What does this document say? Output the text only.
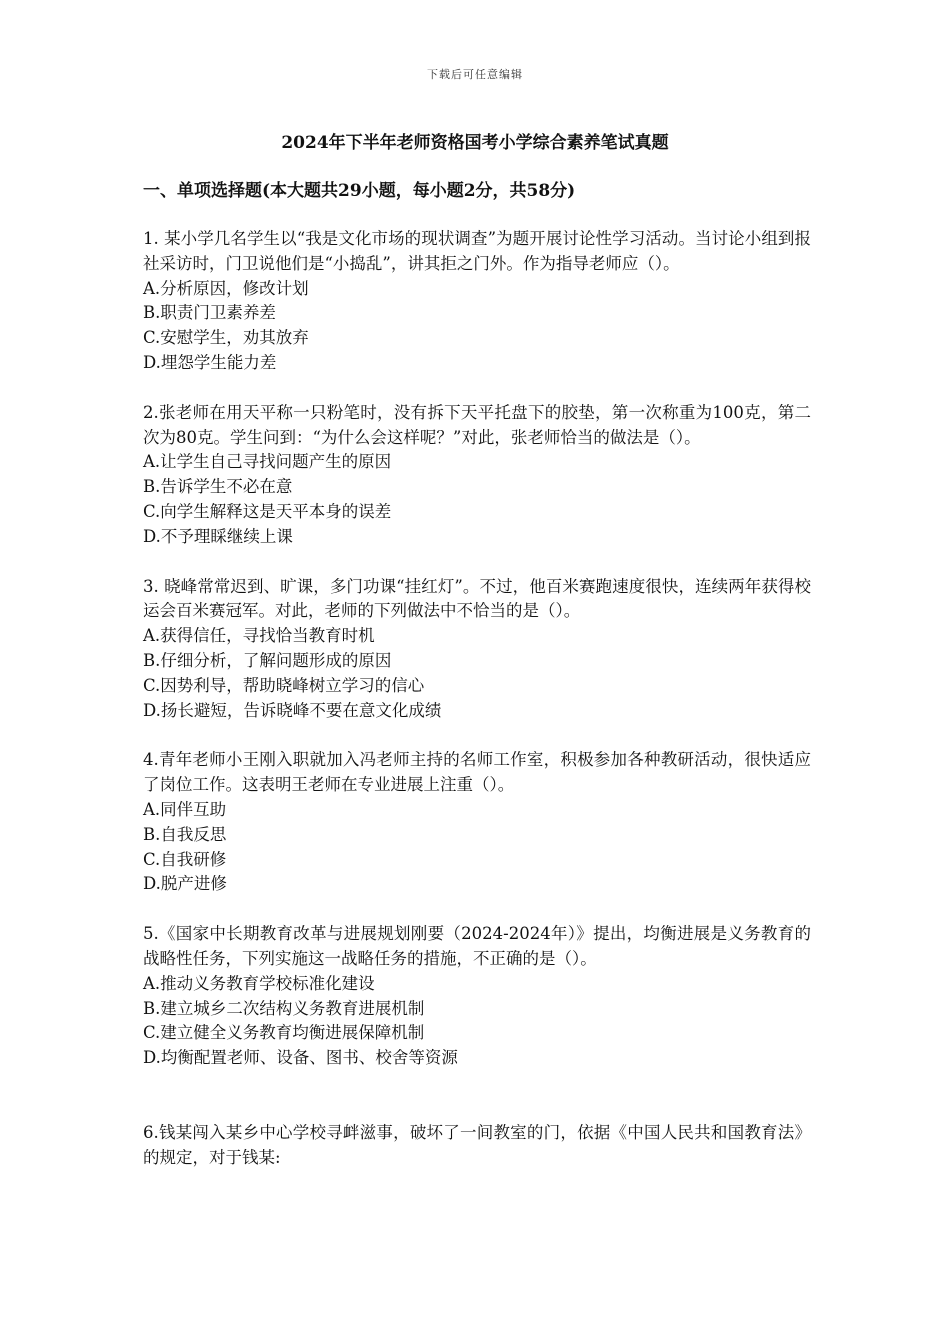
下载后可任意编辑
2024年下半年老师资格国考小学综合素养笔试真题
一、单项选择题(本大题共29小题，每小题2分，共58分)

1. 某小学几名学生以“我是文化市场的现状调查”为题开展讨论性学习活动。当讨论小组到报社采访时，门卫说他们是“小捣乱”，讲其拒之门外。作为指导老师应（）。

A.分析原因，修改计划

B.职责门卫素养差

C.安慰学生，劝其放弃

D.埋怨学生能力差

2.张老师在用天平称一只粉笔时，没有拆下天平托盘下的胶垫，第一次称重为100克，第二次为80克。学生问到：“为什么会这样呢？”对此，张老师恰当的做法是（）。

A.让学生自己寻找问题产生的原因

B.告诉学生不必在意

C.向学生解释这是天平本身的误差

D.不予理睬继续上课

3. 晓峰常常迟到、旷课，多门功课“挂红灯”。不过，他百米赛跑速度很快，连续两年获得校运会百米赛冠军。对此，老师的下列做法中不恰当的是（）。

A.获得信任，寻找恰当教育时机

B.仔细分析，了解问题形成的原因

C.因势利导，帮助晓峰树立学习的信心

D.扬长避短，告诉晓峰不要在意文化成绩

4.青年老师小王刚入职就加入冯老师主持的名师工作室，积极参加各种教研活动，很快适应了岗位工作。这表明王老师在专业进展上注重（）。

A.同伴互助

B.自我反思

C.自我研修

D.脱产进修

5.《国家中长期教育改革与进展规划刚要（2024-2024年）》提出，均衡进展是义务教育的战略性任务，下列实施这一战略任务的措施，不正确的是（）。

A.推动义务教育学校标准化建设

B.建立城乡二次结构义务教育进展机制

C.建立健全义务教育均衡进展保障机制

D.均衡配置老师、设备、图书、校舍等资源

6.钱某闯入某乡中心学校寻衅滋事，破坏了一间教室的门，依据《中国人民共和国教育法》的规定，对于钱某:
